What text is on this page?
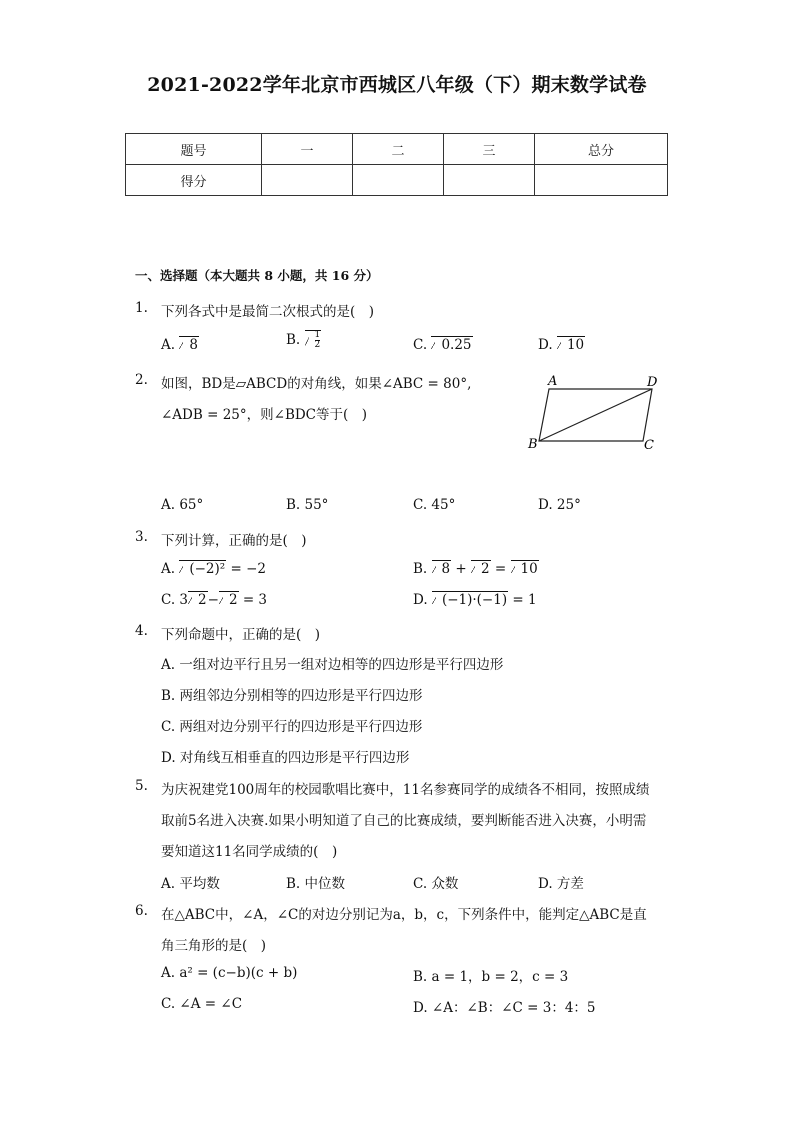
2021-2022学年北京市西城区八年级（下）期末数学试卷
题号	一	二	三	总分
得分				
一、选择题（本大题共 8 小题，共 16 分）
1. 下列各式中是最简二次根式的是(　)
A. 8	B. $\frac{1}{2}$	C. 0.25	D. 10
2. 如图，BD是▱ABCD的对角线，如果∠ABC = 80°,
∠ADB = 25°，则∠BDC等于(　)
A	D
B	C
A. 65°	B. 55°	C. 45°	D. 25°
3. 下列计算，正确的是(　)
A. (−2)² = −2	B. 8 + 2 = 10
C. 3 2− 2 = 3	D. (−1)·(−1) = 1
4. 下列命题中，正确的是(　)
A. 一组对边平行且另一组对边相等的四边形是平行四边形
B. 两组邻边分别相等的四边形是平行四边形
C. 两组对边分别平行的四边形是平行四边形
D. 对角线互相垂直的四边形是平行四边形
5. 为庆祝建党100周年的校园歌唱比赛中，11名参赛同学的成绩各不相同，按照成绩
取前5名进入决赛.如果小明知道了自己的比赛成绩，要判断能否进入决赛，小明需
要知道这11名同学成绩的(　)
A. 平均数	B. 中位数	C. 众数	D. 方差
6. 在△ABC中，∠A，∠C的对边分别记为a，b，c，下列条件中，能判定△ABC是直
角三角形的是(　)
A. a² = (c−b)(c + b)	B. a = 1，b = 2，c = 3
C. ∠A = ∠C	D. ∠A：∠B：∠C = 3：4：5
